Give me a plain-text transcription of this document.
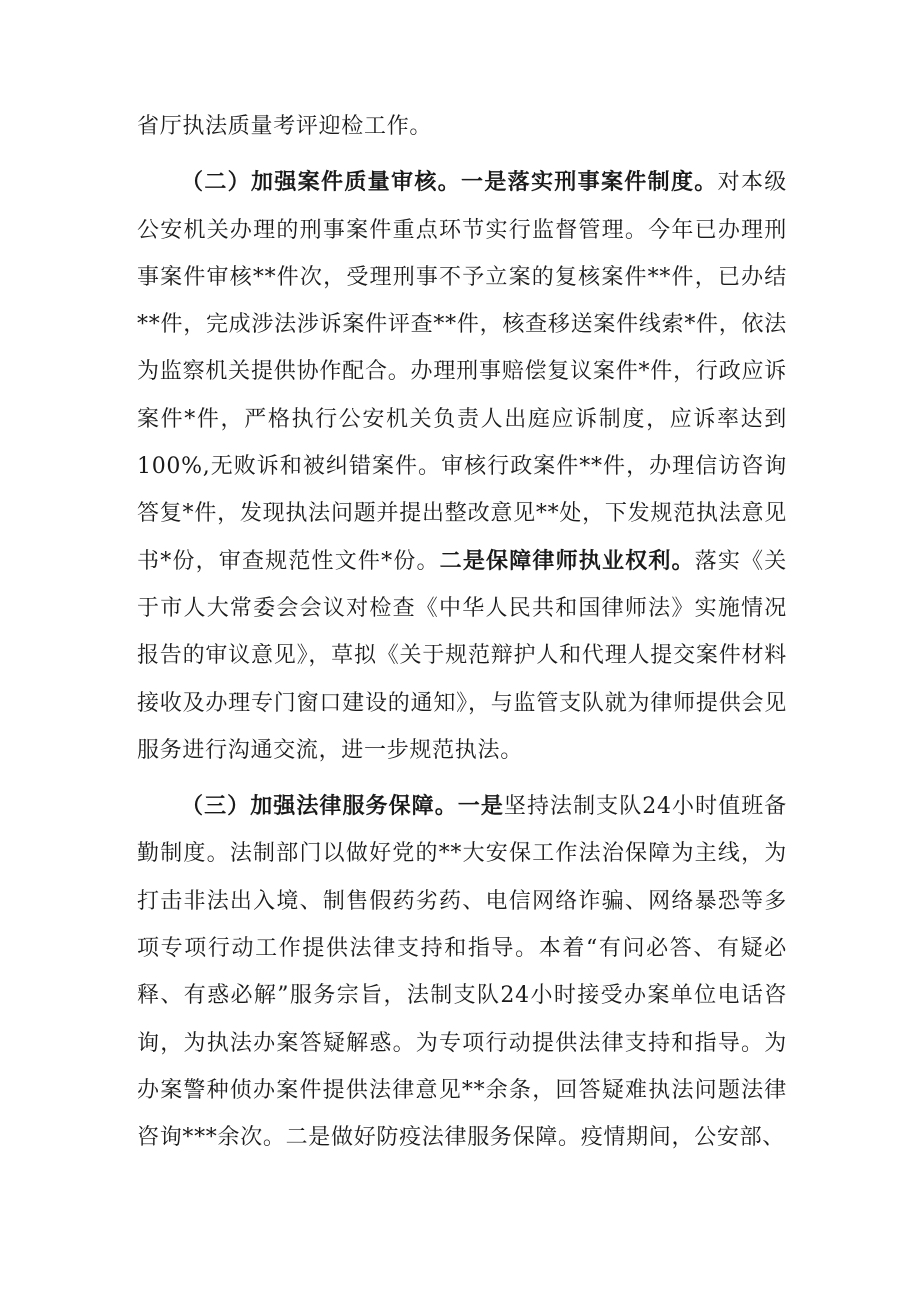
省厅执法质量考评迎检工作。

（二）加强案件质量审核。一是落实刑事案件制度。对本级公安机关办理的刑事案件重点环节实行监督管理。今年已办理刑事案件审核**件次，受理刑事不予立案的复核案件**件，已办结**件，完成涉法涉诉案件评查**件，核查移送案件线索*件，依法为监察机关提供协作配合。办理刑事赔偿复议案件*件，行政应诉案件*件，严格执行公安机关负责人出庭应诉制度，应诉率达到100%,无败诉和被纠错案件。审核行政案件**件，办理信访咨询答复*件，发现执法问题并提出整改意见**处，下发规范执法意见书*份，审查规范性文件*份。二是保障律师执业权利。落实《关于市人大常委会会议对检查《中华人民共和国律师法》实施情况报告的审议意见》，草拟《关于规范辩护人和代理人提交案件材料接收及办理专门窗口建设的通知》，与监管支队就为律师提供会见服务进行沟通交流，进一步规范执法。

（三）加强法律服务保障。一是坚持法制支队24小时值班备勤制度。法制部门以做好党的**大安保工作法治保障为主线，为打击非法出入境、制售假药劣药、电信网络诈骗、网络暴恐等多项专项行动工作提供法律支持和指导。本着“有问必答、有疑必释、有惑必解”服务宗旨，法制支队24小时接受办案单位电话咨询，为执法办案答疑解惑。为专项行动提供法律支持和指导。为办案警种侦办案件提供法律意见**余条，回答疑难执法问题法律咨询***余次。二是做好防疫法律服务保障。疫情期间，公安部、
